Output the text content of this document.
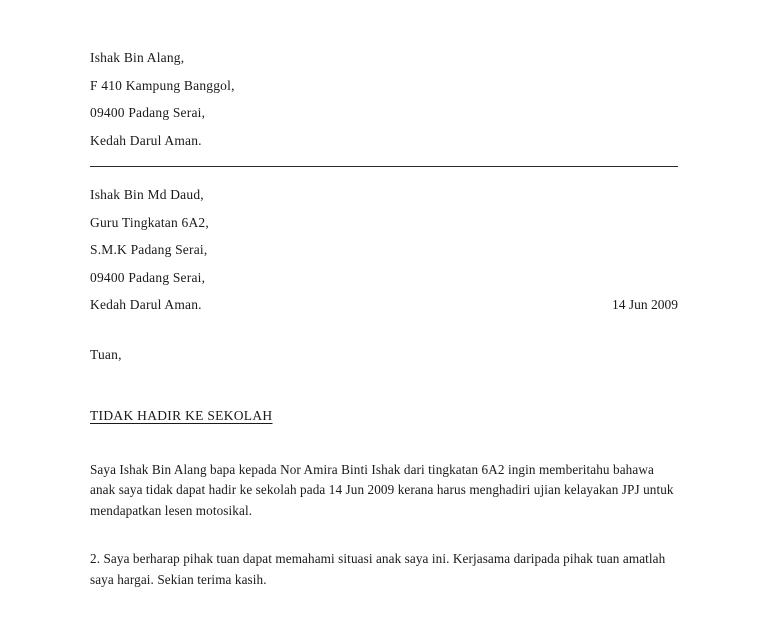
Ishak Bin Alang,
F 410 Kampung Banggol,
09400 Padang Serai,
Kedah Darul Aman.
Ishak Bin Md Daud,
Guru Tingkatan 6A2,
S.M.K Padang Serai,
09400 Padang Serai,
Kedah Darul Aman.	14 Jun 2009
Tuan,
TIDAK HADIR KE SEKOLAH
Saya Ishak Bin Alang bapa kepada Nor Amira Binti Ishak dari tingkatan 6A2 ingin memberitahu bahawa anak saya tidak dapat hadir ke sekolah pada 14 Jun 2009 kerana harus menghadiri ujian kelayakan JPJ untuk mendapatkan lesen motosikal.
2. Saya berharap pihak tuan dapat memahami situasi anak saya ini. Kerjasama daripada pihak tuan amatlah saya hargai. Sekian terima kasih.
